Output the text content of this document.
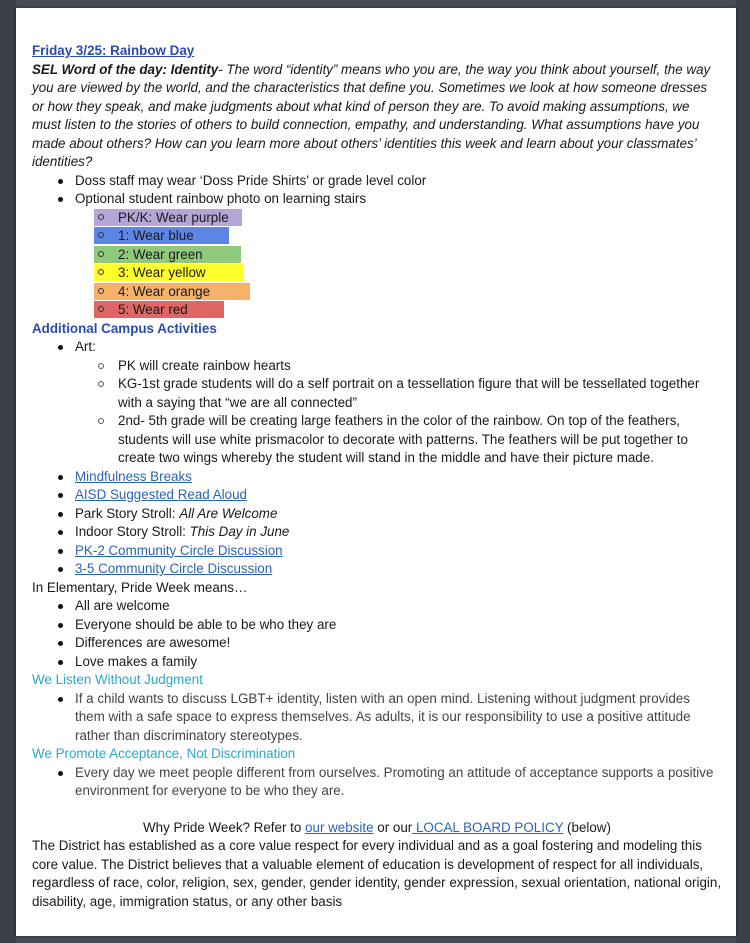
Friday 3/25: Rainbow Day

SEL Word of the day: Identity- The word “identity” means who you are, the way you think about yourself, the way you are viewed by the world, and the characteristics that define you. Sometimes we look at how someone dresses or how they speak, and make judgments about what kind of person they are. To avoid making assumptions, we must listen to the stories of others to build connection, empathy, and understanding. What assumptions have you made about others? How can you learn more about others’ identities this week and learn about your classmates’ identities?

Doss staff may wear ‘Doss Pride Shirts’ or grade level color
Optional student rainbow photo on learning stairs
PK/K: Wear purple
1: Wear blue
2: Wear green
3: Wear yellow
4: Wear orange
5: Wear red

Additional Campus Activities

Art:
PK will create rainbow hearts
KG-1st grade students will do a self portrait on a tessellation figure that will be tessellated together with a saying that “we are all connected”
2nd- 5th grade will be creating large feathers in the color of the rainbow. On top of the feathers, students will use white prismacolor to decorate with patterns. The feathers will be put together to create two wings whereby the student will stand in the middle and have their picture made.
Mindfulness Breaks
AISD Suggested Read Aloud
Park Story Stroll: All Are Welcome
Indoor Story Stroll: This Day in June
PK-2 Community Circle Discussion
3-5 Community Circle Discussion

In Elementary, Pride Week means…

All are welcome
Everyone should be able to be who they are
Differences are awesome!
Love makes a family

We Listen Without Judgment

If a child wants to discuss LGBT+ identity, listen with an open mind. Listening without judgment provides them with a safe space to express themselves. As adults, it is our responsibility to use a positive attitude rather than discriminatory stereotypes.

We Promote Acceptance, Not Discrimination

Every day we meet people different from ourselves. Promoting an attitude of acceptance supports a positive environment for everyone to be who they are.

Why Pride Week? Refer to our website or our LOCAL BOARD POLICY (below)

The District has established as a core value respect for every individual and as a goal fostering and modeling this core value. The District believes that a valuable element of education is development of respect for all individuals, regardless of race, color, religion, sex, gender, gender identity, gender expression, sexual orientation, national origin, disability, age, immigration status, or any other basis
